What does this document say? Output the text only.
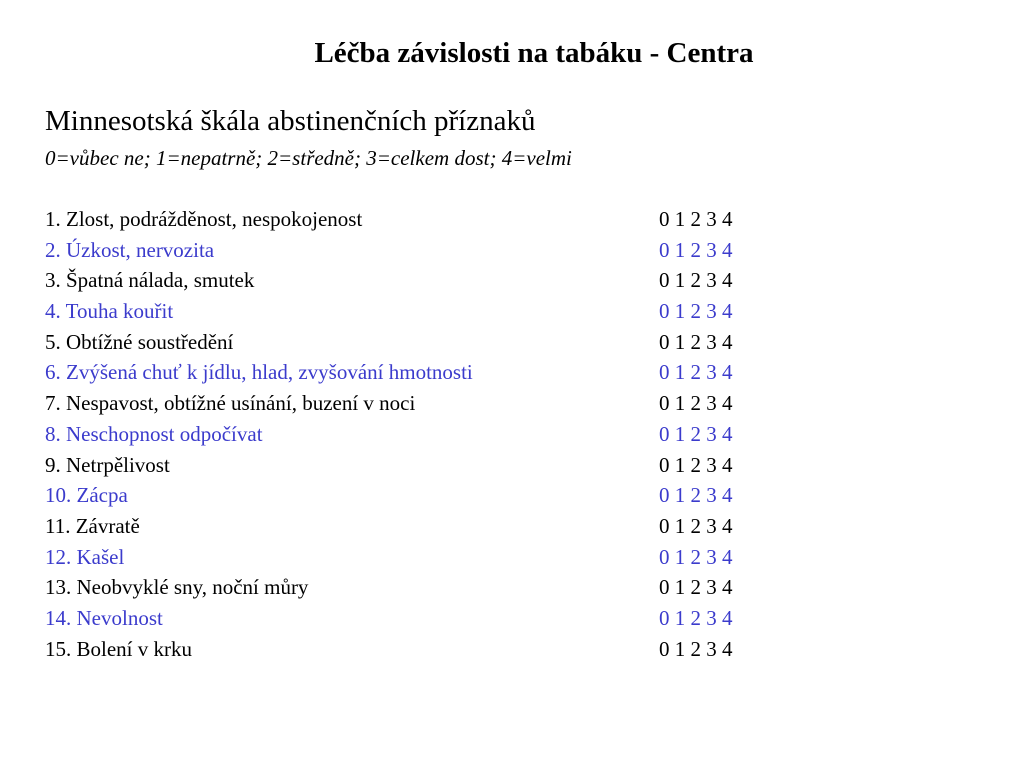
Léčba závislosti na tabáku - Centra
Minnesotská škála abstinenčních příznaků
0=vůbec ne; 1=nepatrně; 2=středně; 3=celkem dost; 4=velmi
1. Zlost, podrážděnost, nespokojenost	0 1 2 3 4
2. Úzkost, nervozita	0 1 2 3 4
3. Špatná nálada, smutek	0 1 2 3 4
4. Touha kouřit	0 1 2 3 4
5. Obtížné soustředění	0 1 2 3 4
6. Zvýšená chuť k jídlu, hlad, zvyšování hmotnosti	0 1 2 3 4
7. Nespavost, obtížné usínání, buzení v noci	0 1 2 3 4
8. Neschopnost odpočívat	0 1 2 3 4
9. Netrpělivost	0 1 2 3 4
10. Zácpa	0 1 2 3 4
11. Závratě	0 1 2 3 4
12. Kašel	0 1 2 3 4
13. Neobvyklé sny, noční můry	0 1 2 3 4
14. Nevolnost	0 1 2 3 4
15. Bolení v krku	0 1 2 3 4
